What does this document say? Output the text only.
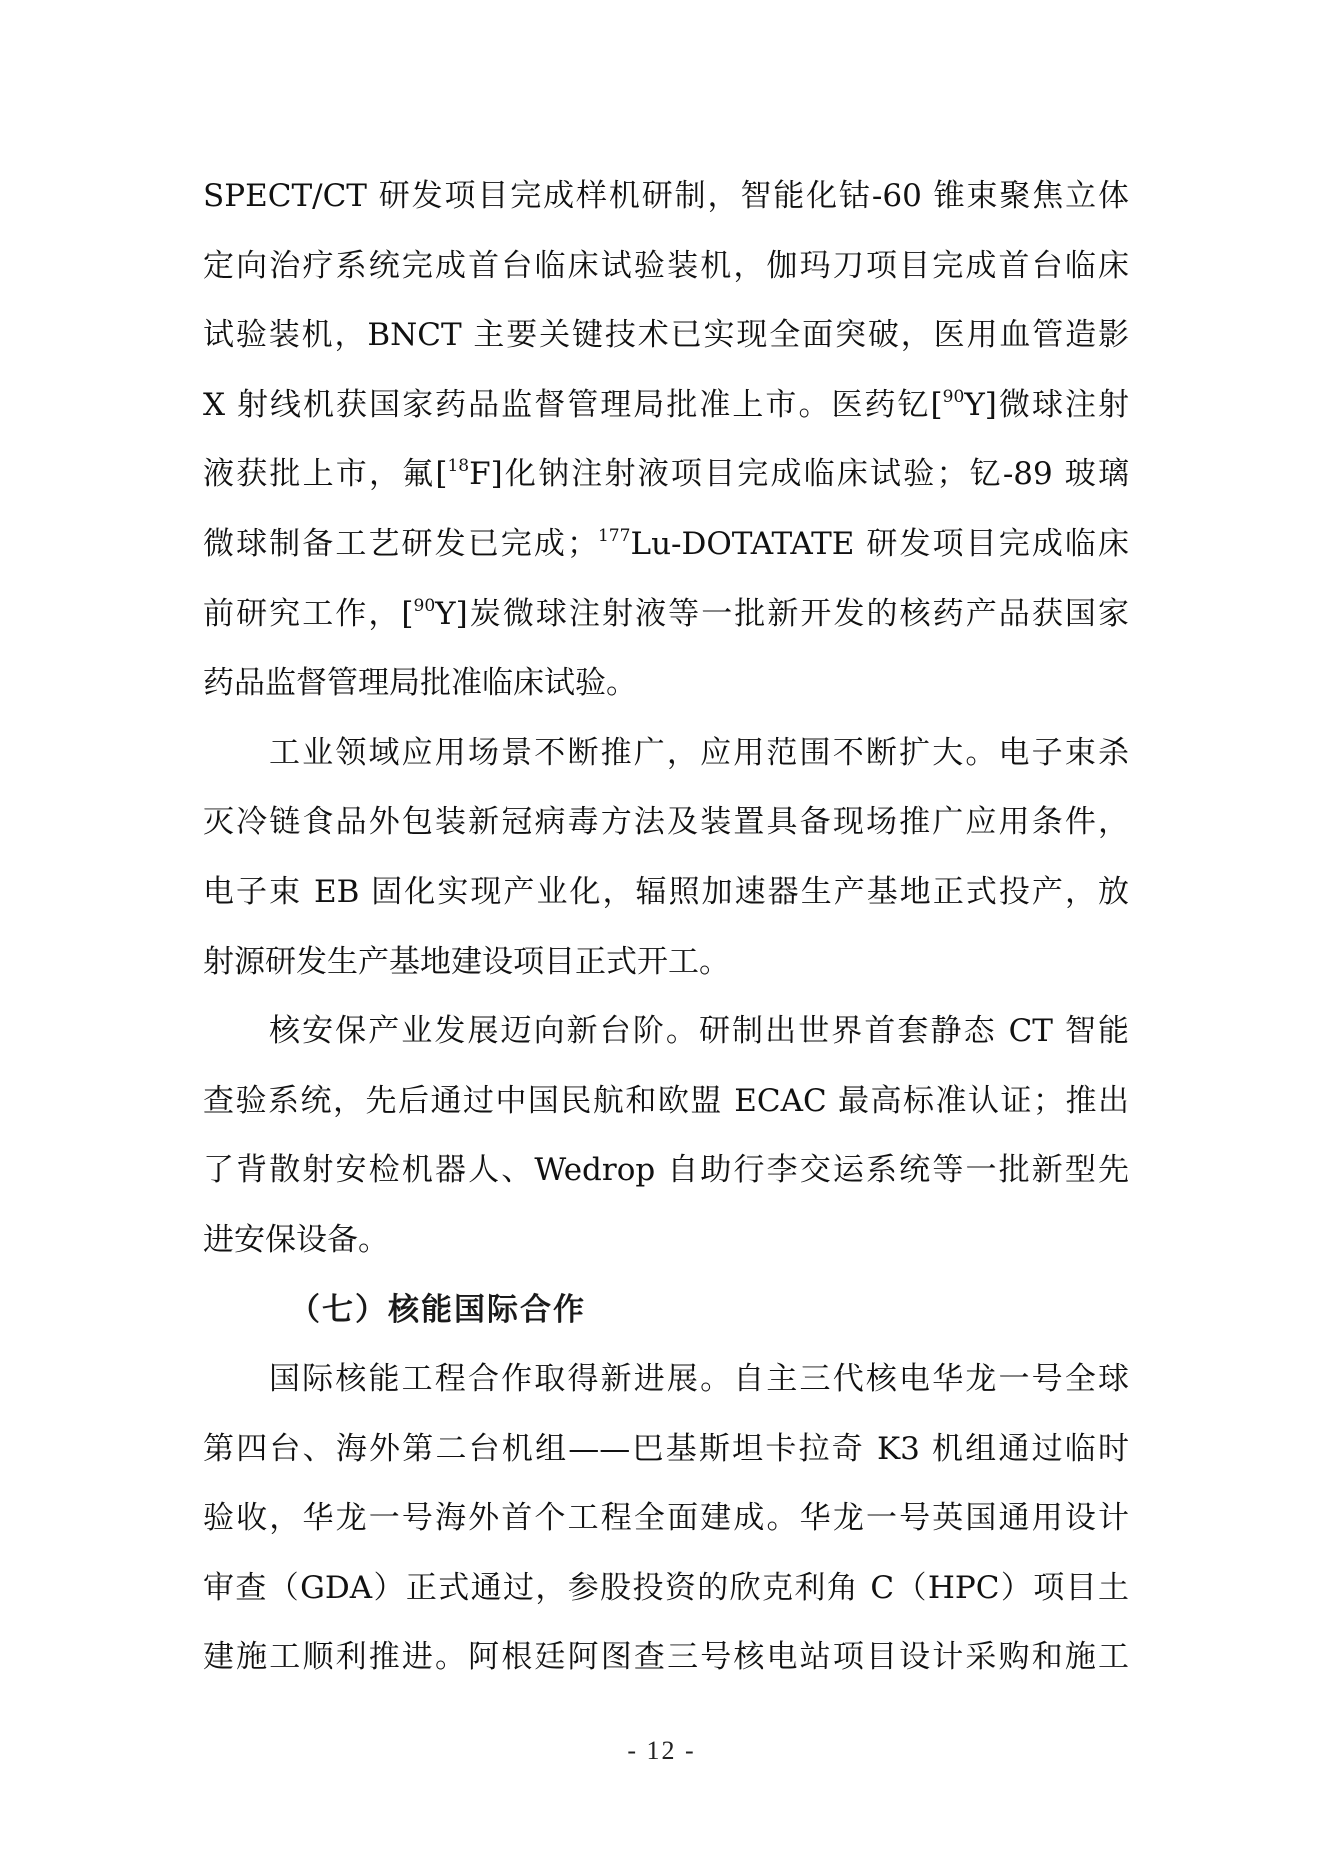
SPECT/CT 研发项目完成样机研制，智能化钴-60 锥束聚焦立体
定向治疗系统完成首台临床试验装机，伽玛刀项目完成首台临床
试验装机，BNCT 主要关键技术已实现全面突破，医用血管造影
X 射线机获国家药品监督管理局批准上市。医药钇[$^{90}$Y]微球注射
液获批上市，氟[$^{18}$F]化钠注射液项目完成临床试验；钇-89 玻璃
微球制备工艺研发已完成；$^{177}$Lu-DOTATATE 研发项目完成临床
前研究工作，[$^{90}$Y]炭微球注射液等一批新开发的核药产品获国家
药品监督管理局批准临床试验。
工业领域应用场景不断推广，应用范围不断扩大。电子束杀
灭冷链食品外包装新冠病毒方法及装置具备现场推广应用条件，
电子束 EB 固化实现产业化，辐照加速器生产基地正式投产，放
射源研发生产基地建设项目正式开工。
核安保产业发展迈向新台阶。研制出世界首套静态 CT 智能
查验系统，先后通过中国民航和欧盟 ECAC 最高标准认证；推出
了背散射安检机器人、Wedrop 自助行李交运系统等一批新型先
进安保设备。
（七）核能国际合作
国际核能工程合作取得新进展。自主三代核电华龙一号全球
第四台、海外第二台机组——巴基斯坦卡拉奇 K3 机组通过临时
验收，华龙一号海外首个工程全面建成。华龙一号英国通用设计
审查（GDA）正式通过，参股投资的欣克利角 C（HPC）项目土
建施工顺利推进。阿根廷阿图查三号核电站项目设计采购和施工
- 12 -
